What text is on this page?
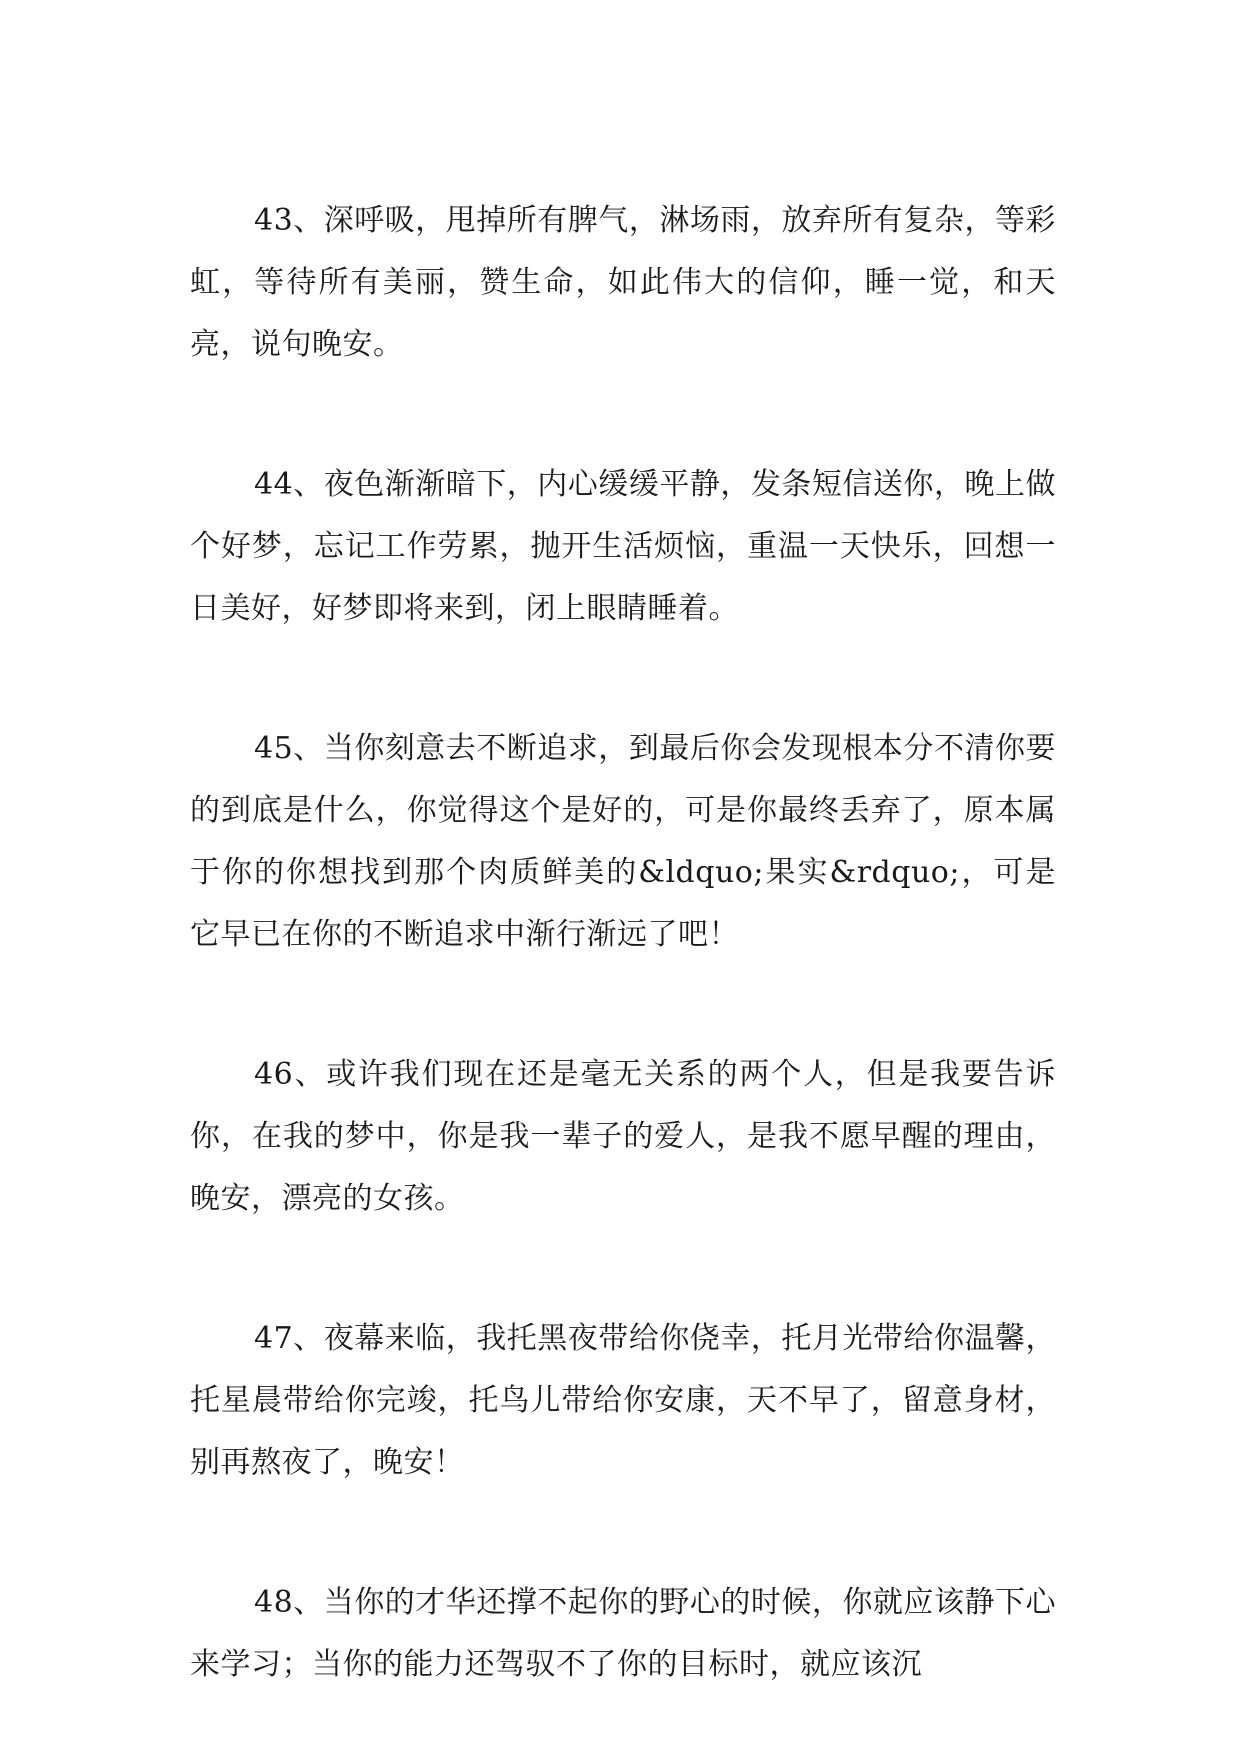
43、深呼吸，甩掉所有脾气，淋场雨，放弃所有复杂，等彩虹，等待所有美丽，赞生命，如此伟大的信仰，睡一觉，和天亮，说句晚安。

44、夜色渐渐暗下，内心缓缓平静，发条短信送你，晚上做个好梦，忘记工作劳累，抛开生活烦恼，重温一天快乐，回想一日美好，好梦即将来到，闭上眼睛睡着。

45、当你刻意去不断追求，到最后你会发现根本分不清你要的到底是什么，你觉得这个是好的，可是你最终丢弃了，原本属于你的你想找到那个肉质鲜美的&ldquo;果实&rdquo;，可是它早已在你的不断追求中渐行渐远了吧！

46、或许我们现在还是毫无关系的两个人，但是我要告诉你，在我的梦中，你是我一辈子的爱人，是我不愿早醒的理由，晚安，漂亮的女孩。

47、夜幕来临，我托黑夜带给你侥幸，托月光带给你温馨，托星晨带给你完竣，托鸟儿带给你安康，天不早了，留意身材，别再熬夜了，晚安！

48、当你的才华还撑不起你的野心的时候，你就应该静下心来学习；当你的能力还驾驭不了你的目标时，就应该沉
